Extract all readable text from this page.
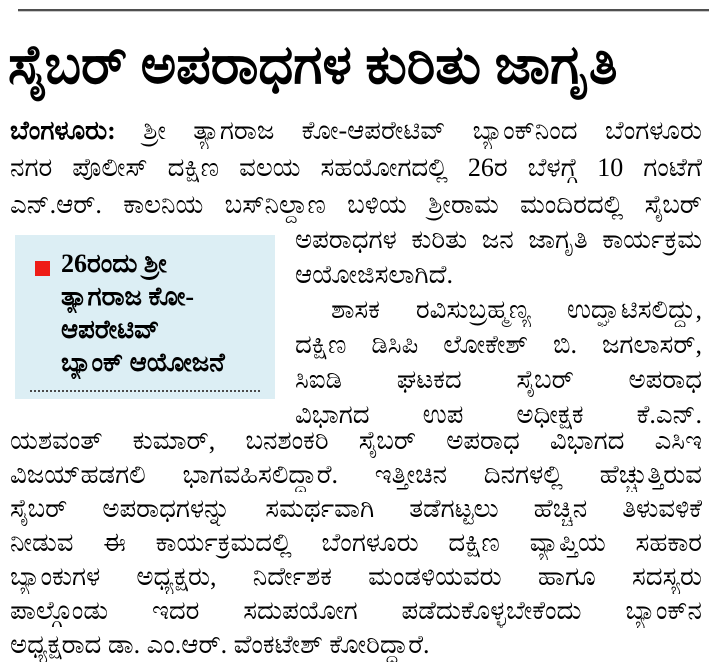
ಸೈಬರ್ ಅಪರಾಧಗಳ ಕುರಿತು ಜಾಗೃತಿ
ಬೆಂಗಳೂರು: ಶ್ರೀ ತ್ಯಾಗರಾಜ ಕೋ-ಆಪರೇಟಿವ್ ಬ್ಯಾಂಕ್‌ನಿಂದ ಬೆಂಗಳೂರು
ನಗರ ಪೊಲೀಸ್ ದಕ್ಷಿಣ ವಲಯ ಸಹಯೋಗದಲ್ಲಿ 26ರ ಬೆಳಗ್ಗೆ 10 ಗಂಟೆಗೆ
ಎನ್.ಆರ್. ಕಾಲನಿಯ ಬಸ್‌ನಿಲ್ದಾಣ ಬಳಿಯ ಶ್ರೀರಾಮ ಮಂದಿರದಲ್ಲಿ ಸೈಬರ್
26ರಂದು ಶ್ರೀ
ತ್ಯಾಗರಾಜ ಕೋ-
ಆಪರೇಟಿವ್
ಬ್ಯಾಂಕ್ ಆಯೋಜನೆ
ಅಪರಾಧಗಳ ಕುರಿತು ಜನ ಜಾಗೃತಿ ಕಾರ್ಯಕ್ರಮ
ಆಯೋಜಿಸಲಾಗಿದೆ.
ಶಾಸಕ ರವಿಸುಬ್ರಹ್ಮಣ್ಯ ಉದ್ಘಾಟಿಸಲಿದ್ದು,
ದಕ್ಷಿಣ ಡಿಸಿಪಿ ಲೋಕೇಶ್ ಬಿ. ಜಗಲಾಸರ್,
ಸಿಐಡಿ ಘಟಕದ ಸೈಬರ್ ಅಪರಾಧ
ವಿಭಾಗದ ಉಪ ಅಧೀಕ್ಷಕ ಕೆ.ಎನ್.
ಯಶವಂತ್ ಕುಮಾರ್, ಬನಶಂಕರಿ ಸೈಬರ್ ಅಪರಾಧ ವಿಭಾಗದ ಎಸಿಇ
ವಿಜಯ್‌ಹಡಗಲಿ ಭಾಗವಹಿಸಲಿದ್ದಾರೆ. ಇತ್ತೀಚಿನ ದಿನಗಳಲ್ಲಿ ಹೆಚ್ಚುತ್ತಿರುವ
ಸೈಬರ್ ಅಪರಾಧಗಳನ್ನು ಸಮರ್ಥವಾಗಿ ತಡೆಗಟ್ಟಲು ಹೆಚ್ಚಿನ ತಿಳುವಳಿಕೆ
ನೀಡುವ ಈ ಕಾರ್ಯಕ್ರಮದಲ್ಲಿ ಬೆಂಗಳೂರು ದಕ್ಷಿಣ ವ್ಯಾಪ್ತಿಯ ಸಹಕಾರ
ಬ್ಯಾಂಕುಗಳ ಅಧ್ಯಕ್ಷರು, ನಿರ್ದೇಶಕ ಮಂಡಳಿಯವರು ಹಾಗೂ ಸದಸ್ಯರು
ಪಾಲ್ಗೊಂಡು ಇದರ ಸದುಪಯೋಗ ಪಡೆದುಕೊಳ್ಳಬೇಕೆಂದು ಬ್ಯಾಂಕ್‌ನ
ಅಧ್ಯಕ್ಷರಾದ ಡಾ. ಎಂ.ಆರ್. ವೆಂಕಟೇಶ್ ಕೋರಿದ್ದಾರೆ.
